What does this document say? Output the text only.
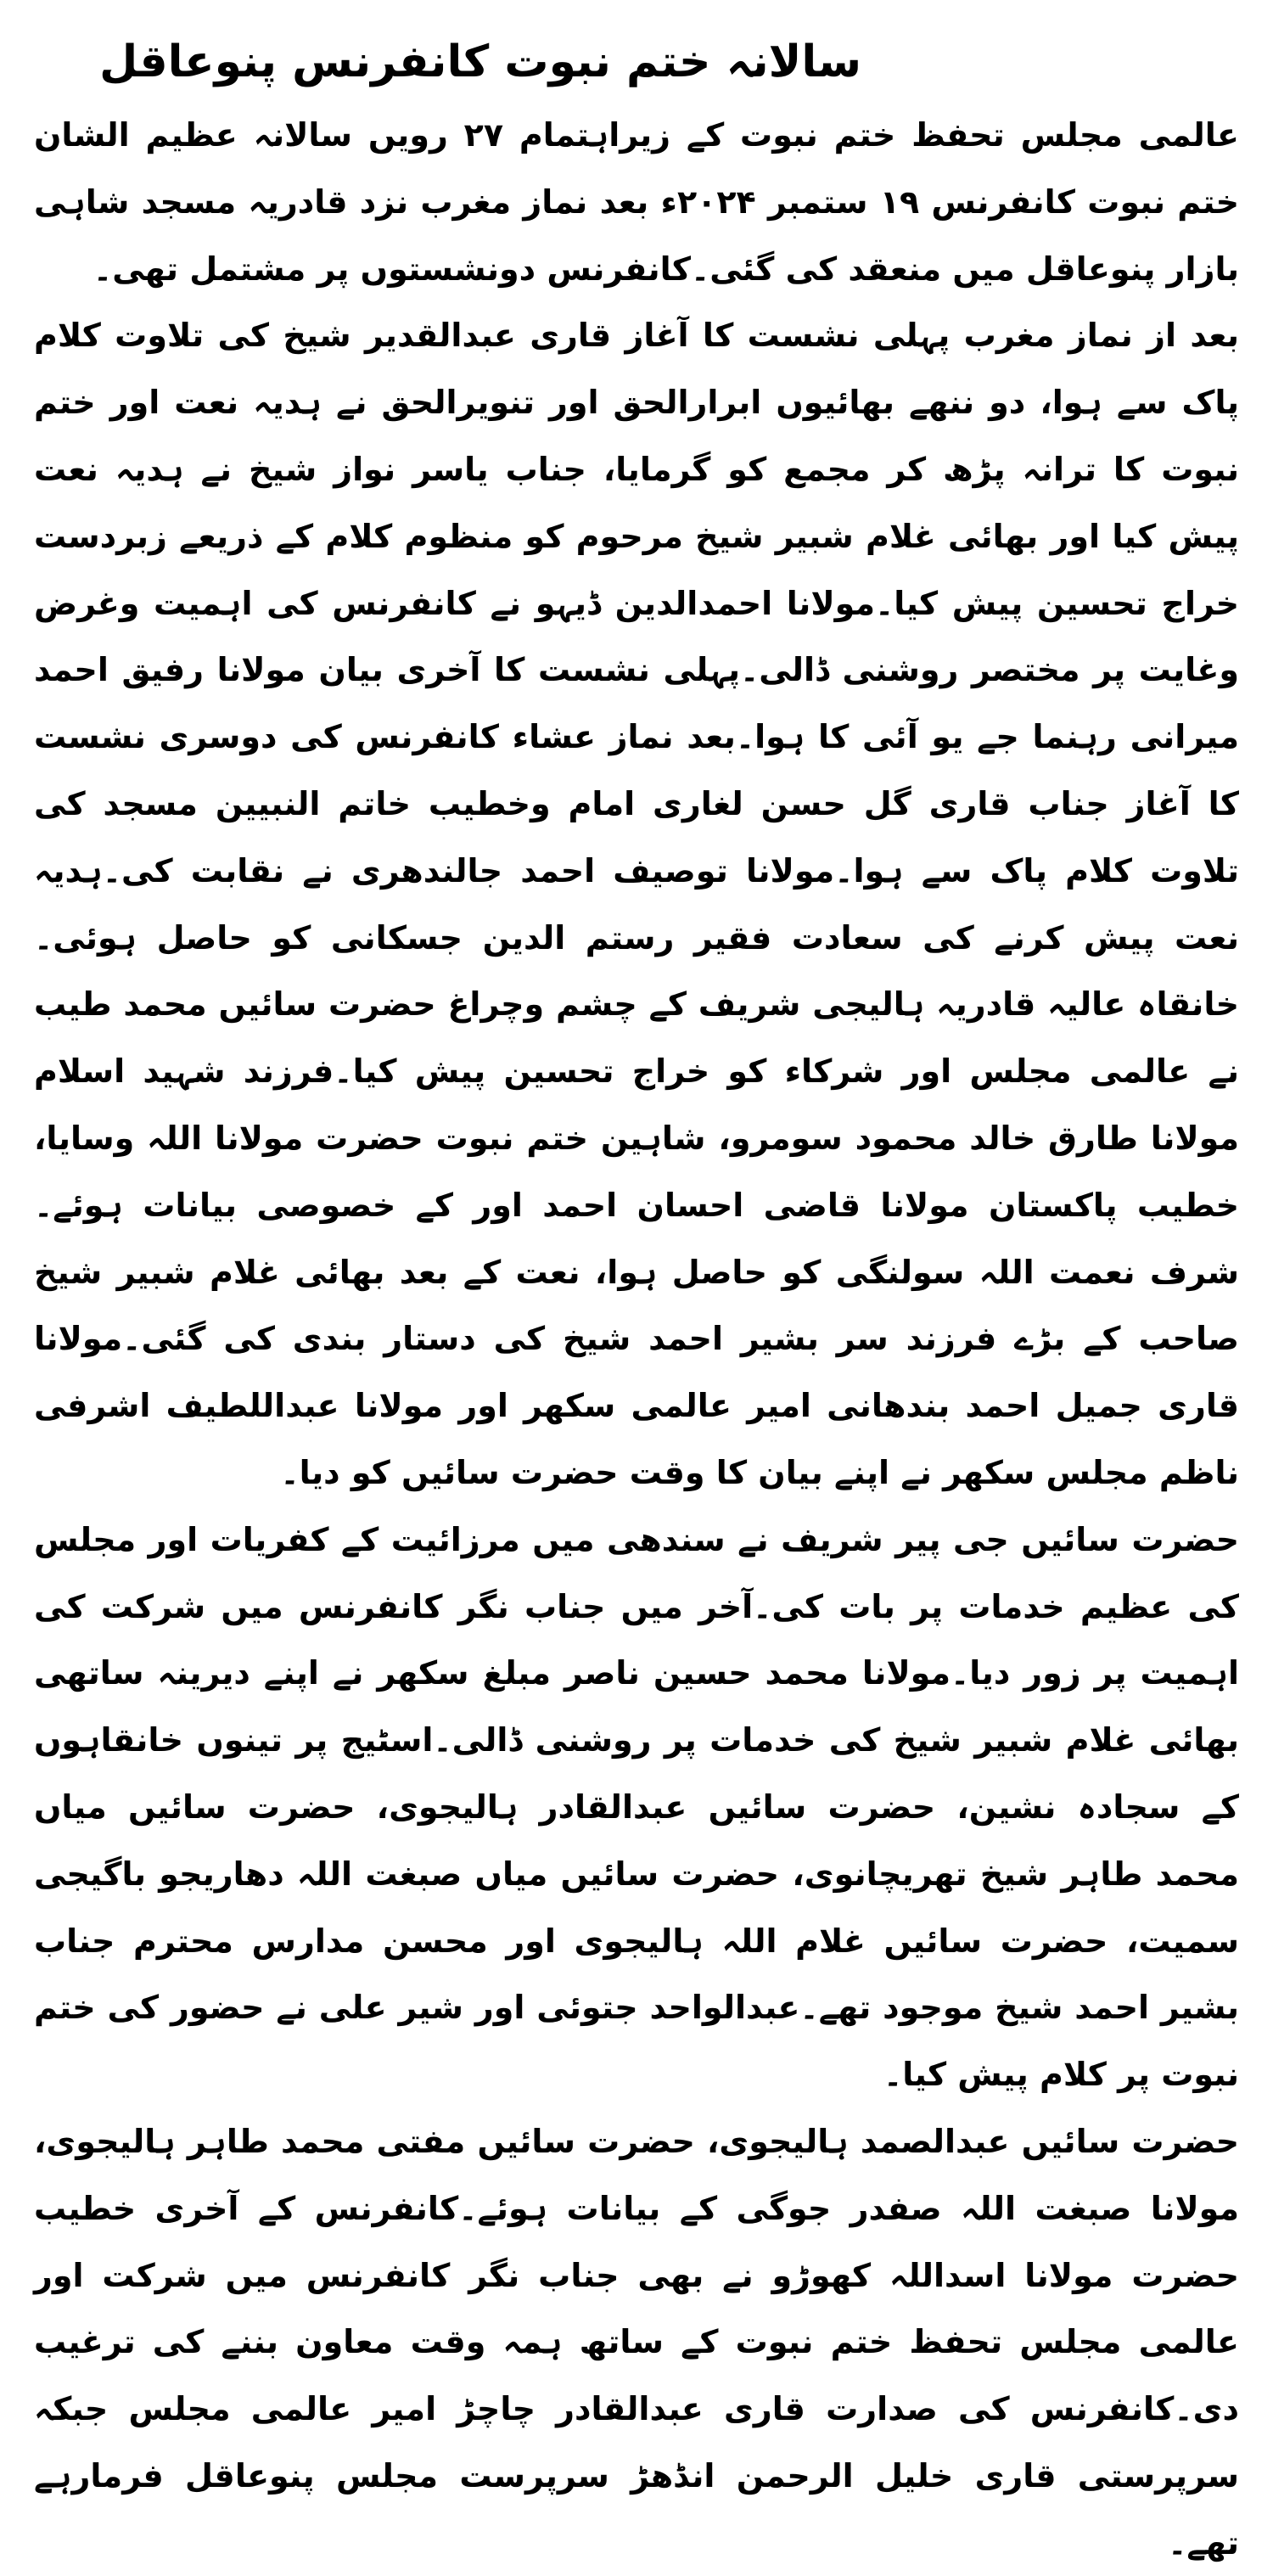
سالانہ ختم نبوت کانفرنس پنوعاقل

عالمی مجلس تحفظ ختم نبوت کے زیراہتمام ۲۷ رویں سالانہ عظیم الشان ختم نبوت کانفرنس ۱۹ ستمبر ۲۰۲۴ء بعد نماز مغرب نزد قادریہ مسجد شاہی بازار پنوعاقل میں منعقد کی گئی۔کانفرنس دونشستوں پر مشتمل تھی۔

بعد از نماز مغرب پہلی نشست کا آغاز قاری عبدالقدیر شیخ کی تلاوت کلام پاک سے ہوا، دو ننھے بھائیوں ابرارالحق اور تنویرالحق نے ہدیہ نعت اور ختم نبوت کا ترانہ پڑھ کر مجمع کو گرمایا، جناب یاسر نواز شیخ نے ہدیہ نعت پیش کیا اور بھائی غلام شبیر شیخ مرحوم کو منظوم کلام کے ذریعے زبردست خراج تحسین پیش کیا۔مولانا احمدالدین ڈیہو نے کانفرنس کی اہمیت وغرض وغایت پر مختصر روشنی ڈالی۔پہلی نشست کا آخری بیان مولانا رفیق احمد میرانی رہنما جے یو آئی کا ہوا۔بعد نماز عشاء کانفرنس کی دوسری نشست کا آغاز جناب قاری گل حسن لغاری امام وخطیب خاتم النبیین مسجد کی تلاوت کلام پاک سے ہوا۔مولانا توصیف احمد جالندھری نے نقابت کی۔ہدیہ نعت پیش کرنے کی سعادت فقیر رستم الدین جسکانی کو حاصل ہوئی۔خانقاہ عالیہ قادریہ ہالیجی شریف کے چشم وچراغ حضرت سائیں محمد طیب نے عالمی مجلس اور شرکاء کو خراج تحسین پیش کیا۔فرزند شہید اسلام مولانا طارق خالد محمود سومرو، شاہین ختم نبوت حضرت مولانا اللہ وسایا، خطیب پاکستان مولانا قاضی احسان احمد اور کے خصوصی بیانات ہوئے۔شرف نعمت اللہ سولنگی کو حاصل ہوا، نعت کے بعد بھائی غلام شبیر شیخ صاحب کے بڑے فرزند سر بشیر احمد شیخ کی دستار بندی کی گئی۔مولانا قاری جمیل احمد بندھانی امیر عالمی سکھر اور مولانا عبداللطیف اشرفی ناظم مجلس سکھر نے اپنے بیان کا وقت حضرت سائیں کو دیا۔

حضرت سائیں جی پیر شریف نے سندھی میں مرزائیت کے کفریات اور مجلس کی عظیم خدمات پر بات کی۔آخر میں جناب نگر کانفرنس میں شرکت کی اہمیت پر زور دیا۔مولانا محمد حسین ناصر مبلغ سکھر نے اپنے دیرینہ ساتھی بھائی غلام شبیر شیخ کی خدمات پر روشنی ڈالی۔اسٹیج پر تینوں خانقاہوں کے سجادہ نشین، حضرت سائیں عبدالقادر ہالیجوی، حضرت سائیں میاں محمد طاہر شیخ تھریچانوی، حضرت سائیں میاں صبغت اللہ دھاریجو باگیجی سمیت، حضرت سائیں غلام اللہ ہالیجوی اور محسن مدارس محترم جناب بشیر احمد شیخ موجود تھے۔عبدالواحد جتوئی اور شیر علی نے حضور کی ختم نبوت پر کلام پیش کیا۔

حضرت سائیں عبدالصمد ہالیجوی، حضرت سائیں مفتی محمد طاہر ہالیجوی، مولانا صبغت اللہ صفدر جوگی کے بیانات ہوئے۔کانفرنس کے آخری خطیب حضرت مولانا اسداللہ کھوڑو نے بھی جناب نگر کانفرنس میں شرکت اور عالمی مجلس تحفظ ختم نبوت کے ساتھ ہمہ وقت معاون بننے کی ترغیب دی۔کانفرنس کی صدارت قاری عبدالقادر چاچڑ امیر عالمی مجلس جبکہ سرپرستی قاری خلیل الرحمن انڈھڑ سرپرست مجلس پنوعاقل فرمارہے تھے۔
